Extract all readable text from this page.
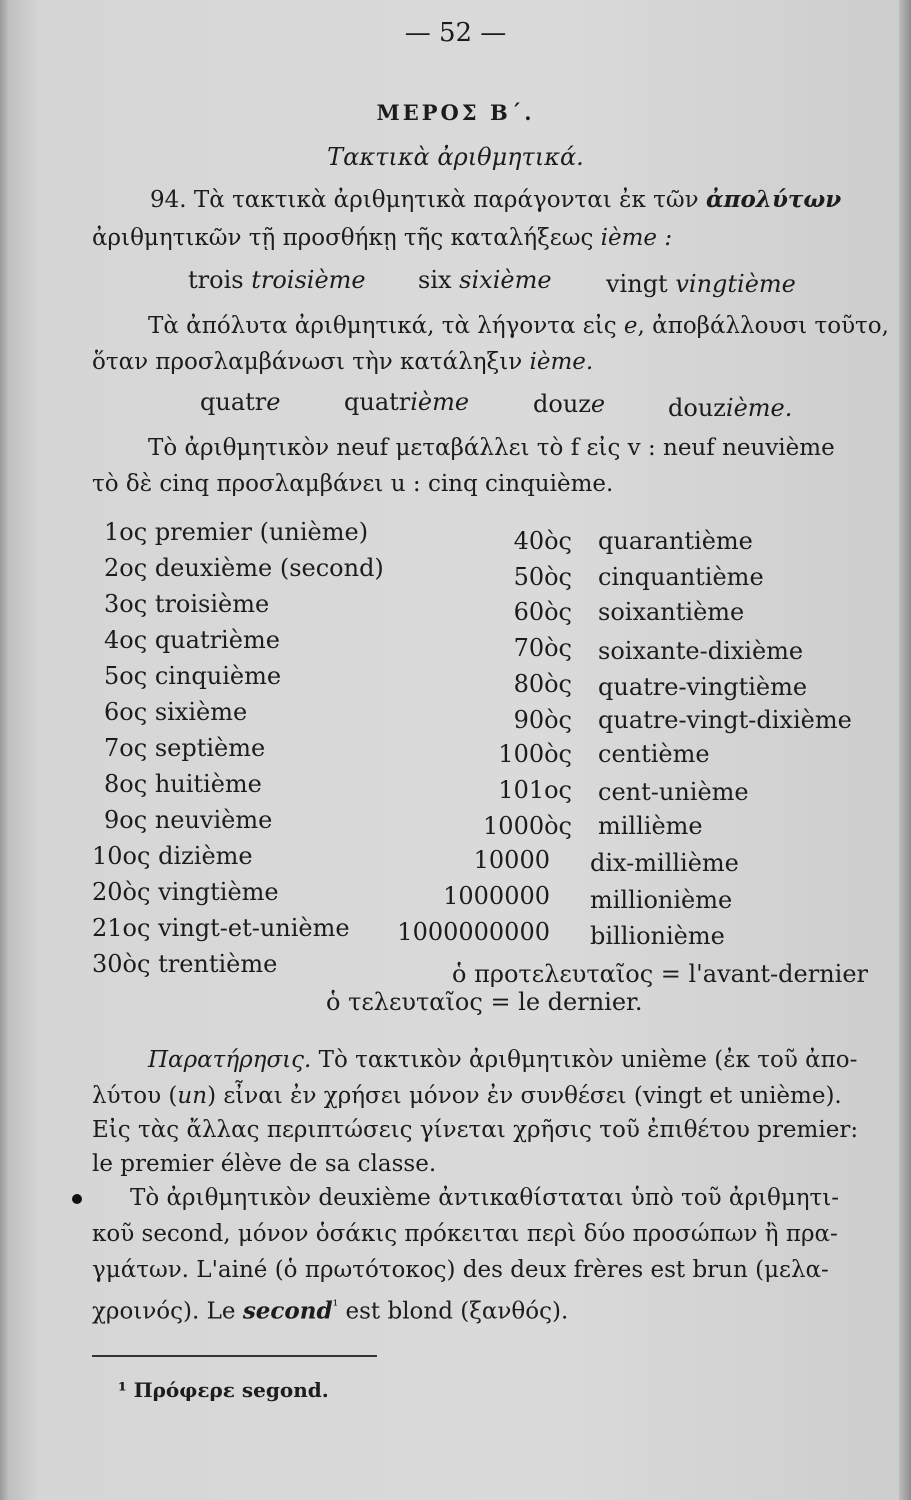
— 52 —
ΜΕΡΟΣ Β΄.
Τακτικὰ ἀριθμητικά.
94. Τὰ τακτικὰ ἀριθμητικὰ παράγονται ἐκ τῶν ἀπολύτων
ἀριθμητικῶν τῇ προσθήκῃ τῆς καταλήξεως ième :
trois troisième six sixième vingt vingtième
Τὰ ἀπόλυτα ἀριθμητικά, τὰ λήγοντα εἰς e, ἀποβάλλουσι τοῦτο,
ὅταν προσλαμβάνωσι τὴν κατάληξιν ième.
quatre	quatrième	douze	douzième.
Τὸ ἀριθμητικὸν neuf μεταβάλλει τὸ f εἰς v : neuf neuvième
τὸ δὲ cinq προσλαμβάνει u : cinq cinquième.
1ος premier (unième)
2ος deuxième (second)
3ος troisième
4ος quatrième
5ος cinquième
6ος sixième
7ος septième
8ος huitième
9ος neuvième
10ος dizième
20ὸς vingtième
21ος vingt-et-unième
30ὸς trentième
40ὸς quarantième
50ὸς cinquantième
60ὸς soixantième
70ὸς soixante-dixième
80ὸς quatre-vingtième
90ὸς quatre-vingt-dixième
100ὸς centième
101ος cent-unième
1000ὸς millième
10000 dix-millième
1000000 millionième
1000000000 billionième
ὁ προτελευταῖος = l'avant-dernier
ὁ τελευταῖος = le dernier.
Παρατήρησις. Τὸ τακτικὸν ἀριθμητικὸν unième (ἐκ τοῦ ἀπο-
λύτου (un) εἶναι ἐν χρήσει μόνον ἐν συνθέσει (vingt et unième).
Εἰς τὰς ἄλλας περιπτώσεις γίνεται χρῆσις τοῦ ἐπιθέτου premier:
le premier élève de sa classe.
Τὸ ἀριθμητικὸν deuxième ἀντικαθίσταται ὑπὸ τοῦ ἀριθμητι-
κοῦ second, μόνον ὁσάκις πρόκειται περὶ δύο προσώπων ἢ πρα-
γμάτων. L'ainé (ὁ πρωτότοκος) des deux frères est brun (μελα-
χροινός). Le second$^{^1}$ est blond (ξανθός).
¹ Πρόφερε segond.
